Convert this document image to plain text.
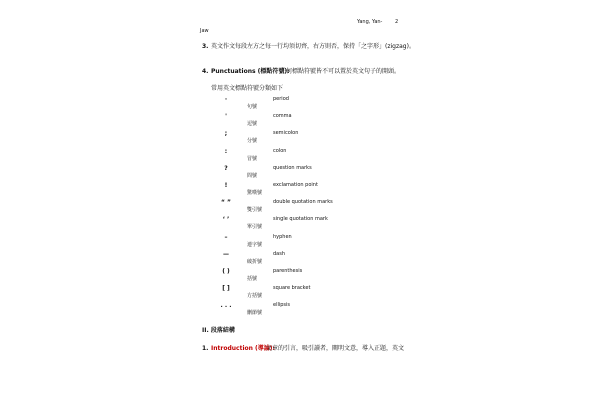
Yang, Yan-	2
Jaw
3. 英文作文每段左方之每一行均須切齊，右方則否，保持「之字形」(zigzag)。
4. Punctuations (標點符號):
任何標點符號皆不可以置於英文句子的開頭。
常用英文標點符號分類如下
·
句號
period
'
逗號
comma
;
分號
semicolon
:
冒號
colon
?
問號
question marks
!
驚嘆號
exclamation point
“ ”
雙引號
double quotation marks
‘ ’
單引號
single quotation mark
–
連字號
hyphen
—
破折號
dash
( )
括號
parenthesis
[ ]
方括號
square bracket
. . .
刪節號
ellipsis
II. 段落結構
1. Introduction (導論):
文章的引言，吸引讀者，闡明文意，導入正題，英文
